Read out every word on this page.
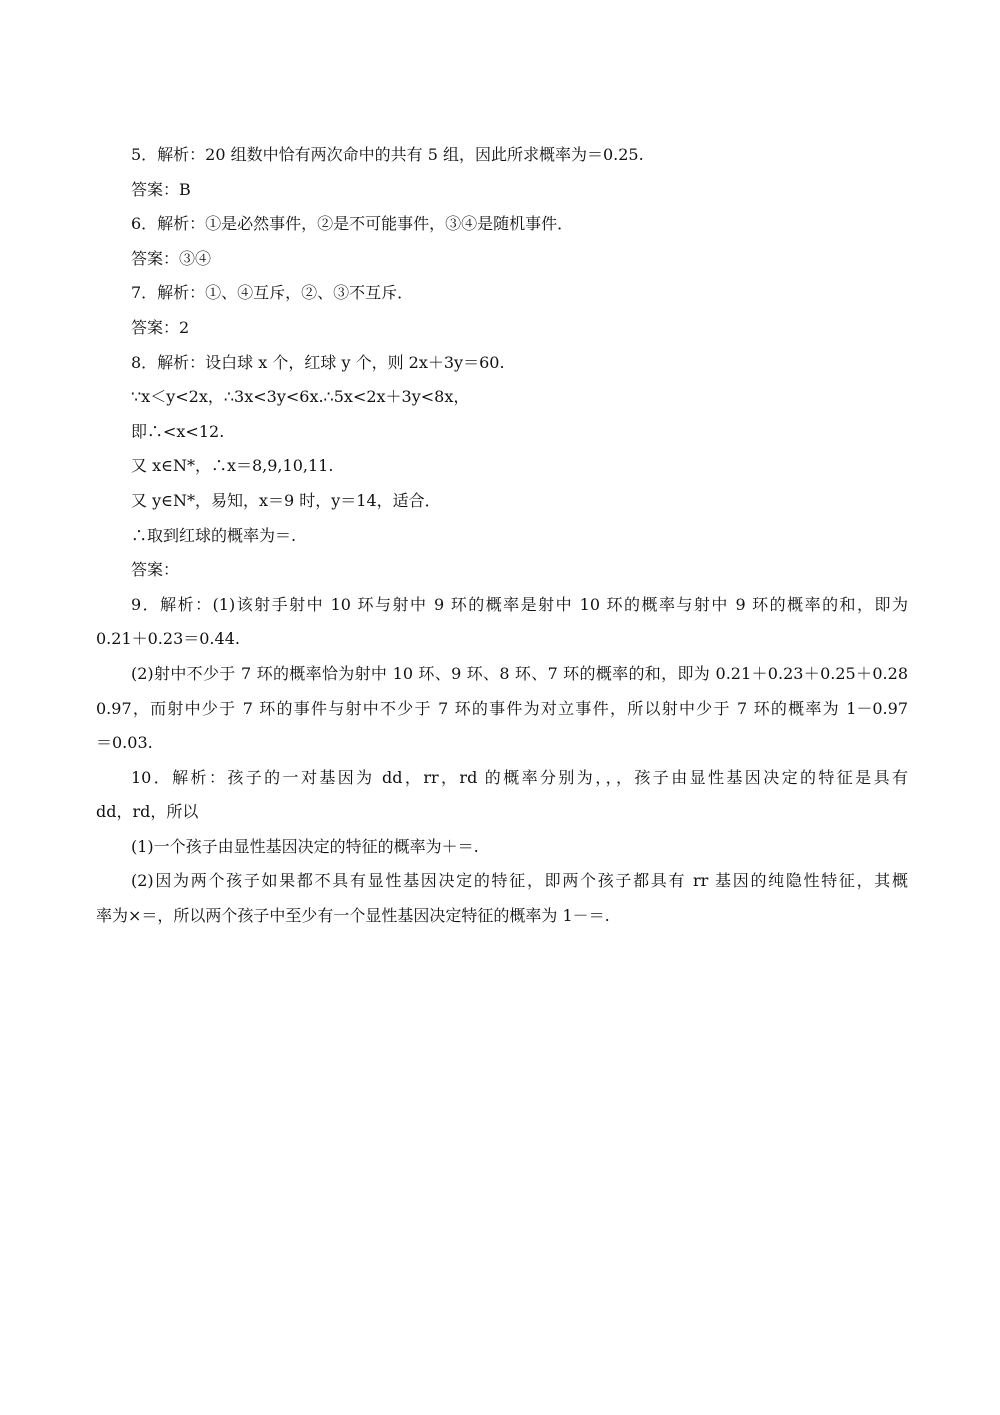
5．解析：20 组数中恰有两次命中的共有 5 组，因此所求概率为＝0.25.
答案：B
6．解析：①是必然事件，②是不可能事件，③④是随机事件．
答案：③④
7．解析：①、④互斥，②、③不互斥．
答案：2
8．解析：设白球 x 个，红球 y 个，则 2x＋3y＝60.
∵x＜y<2x，∴3x<3y<6x.∴5x<2x＋3y<8x，
即∴<x<12.
又 x∈N*，∴x＝8,9,10,11.
又 y∈N*，易知，x＝9 时，y＝14，适合．
∴取到红球的概率为＝.
答案：
9．解析：(1)该射手射中 10 环与射中 9 环的概率是射中 10 环的概率与射中 9 环的概率的和，即为
0.21＋0.23＝0.44.
(2)射中不少于 7 环的概率恰为射中 10 环、9 环、8 环、7 环的概率的和，即为 0.21＋0.23＋0.25＋0.28
0.97，而射中少于 7 环的事件与射中不少于 7 环的事件为对立事件，所以射中少于 7 环的概率为 1－0.97
＝0.03.
10．解析：孩子的一对基因为 dd，rr，rd 的概率分别为，，，孩子由显性基因决定的特征是具有
dd，rd，所以
(1)一个孩子由显性基因决定的特征的概率为＋＝.
(2)因为两个孩子如果都不具有显性基因决定的特征，即两个孩子都具有 rr 基因的纯隐性特征，其概
率为×＝，所以两个孩子中至少有一个显性基因决定特征的概率为 1－＝.
